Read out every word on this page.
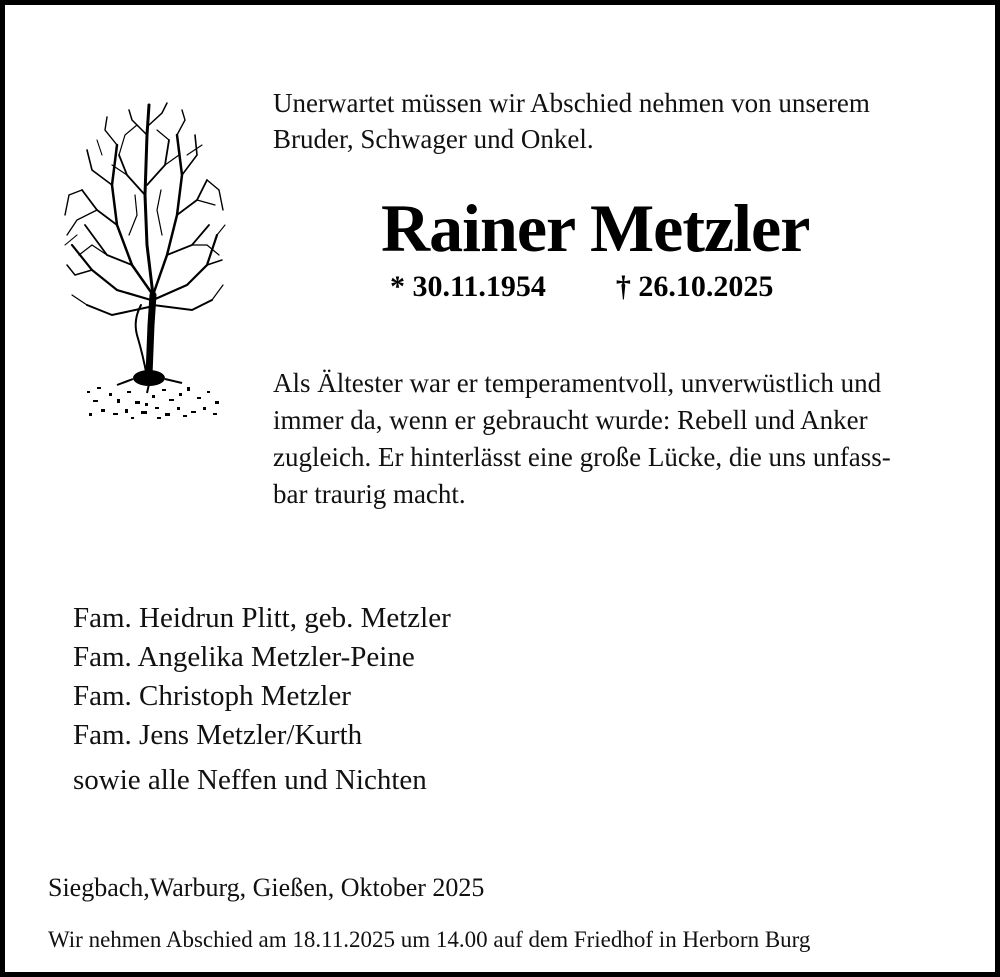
Unerwartet müssen wir Abschied nehmen von unserem
Bruder, Schwager und Onkel.
Rainer Metzler
* 30.11.1954 † 26.10.2025
Als Ältester war er temperamentvoll, unverwüstlich und
immer da, wenn er gebraucht wurde: Rebell und Anker
zugleich. Er hinterlässt eine große Lücke, die uns unfass-
bar traurig macht.
Fam. Heidrun Plitt, geb. Metzler
Fam. Angelika Metzler-Peine
Fam. Christoph Metzler
Fam. Jens Metzler/Kurth
sowie alle Neffen und Nichten
Siegbach,Warburg, Gießen, Oktober 2025
Wir nehmen Abschied am 18.11.2025 um 14.00 auf dem Friedhof in Herborn Burg
